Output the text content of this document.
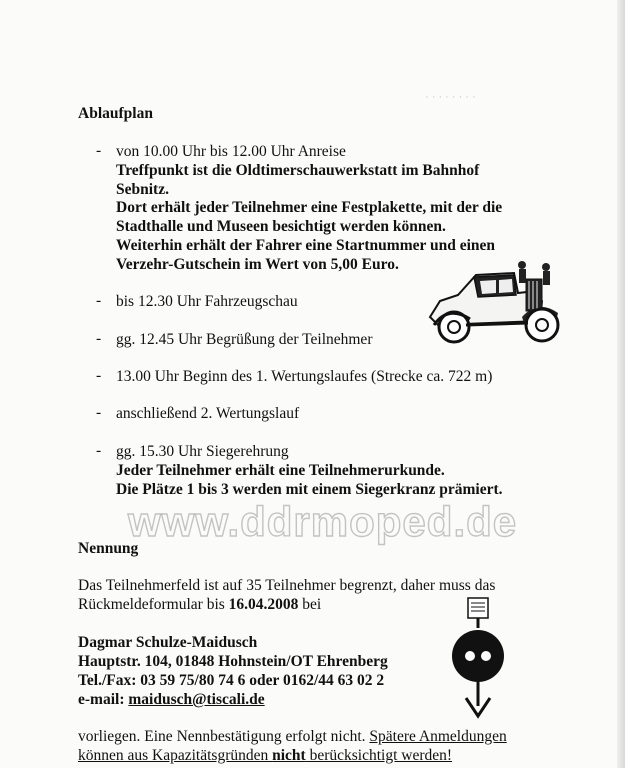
· · · · · · · ·
Ablaufplan
- von 10.00 Uhr bis 12.00 Uhr Anreise
Treffpunkt ist die Oldtimerschauwerkstatt im Bahnhof
Sebnitz.
Dort erhält jeder Teilnehmer eine Festplakette, mit der die
Stadthalle und Museen besichtigt werden können.
Weiterhin erhält der Fahrer eine Startnummer und einen
Verzehr-Gutschein im Wert von 5,00 Euro.
- bis 12.30 Uhr Fahrzeugschau
- gg. 12.45 Uhr Begrüßung der Teilnehmer
- 13.00 Uhr Beginn des 1. Wertungslaufes (Strecke ca. 722 m)
- anschließend 2. Wertungslauf
- gg. 15.30 Uhr Siegerehrung
Jeder Teilnehmer erhält eine Teilnehmerurkunde.
Die Plätze 1 bis 3 werden mit einem Siegerkranz prämiert.
www.ddrmoped.de
Nennung
Das Teilnehmerfeld ist auf 35 Teilnehmer begrenzt, daher muss das
Rückmeldeformular bis 16.04.2008 bei
Dagmar Schulze-Maidusch
Hauptstr. 104, 01848 Hohnstein/OT Ehrenberg
Tel./Fax: 03 59 75/80 74 6 oder 0162/44 63 02 2
e-mail: maidusch@tiscali.de
vorliegen. Eine Nennbestätigung erfolgt nicht. Spätere Anmeldungen
können aus Kapazitätsgründen nicht berücksichtigt werden!
